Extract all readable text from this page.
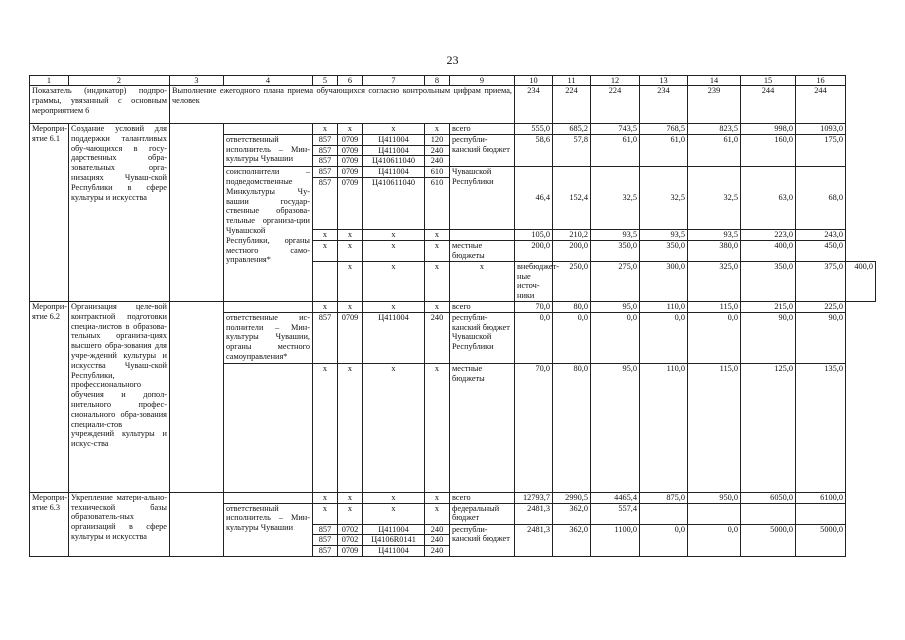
23
1	2	3	4	5	6	7	8	9	10	11	12	13	14	15	16	
Показатель (индикатор) подпро-граммы, увязанный с основным мероприятием 6		Выполнение ежегодного плана приема обучающихся согласно контрольным цифрам приема, человек							234	224	224	234	239	244	244	
Меропри-ятие 6.1	Создание условий для поддержки талантливых обу-чающихся в госу-дарственных обра-зовательных орга-низациях Чуваш-ской Республики в сфере культуры и искусства			x	x	x	x	всего	555,0	685,2	743,5	768,5	823,5	998,0	1093,0	
			ответственный исполнитель – Мин-культуры Чувашии	857	0709	Ц411004	120	республи-канский бюджет	58,6	57,8	61,0	61,0	61,0	160,0	175,0	
				857	0709	Ц411004	240									
				857	0709	Ц410611040	240									
			соисполнители – подведомственные Минкультуры Чу-вашии государ-ственные образова-тельные организа-ции Чувашской Республики, органы местного само-управления*	857	0709	Ц411004	610	Чувашской Республики	46,4	152,4	32,5	32,5	32,5	63,0	68,0	
				857	0709	Ц410611040	610									
				x	x	x	x		105,0	210,2	93,5	93,5	93,5	223,0	243,0	
				x	x	x	x	местные бюджеты	200,0	200,0	350,0	350,0	380,0	400,0	450,0	
					x	x	x	x	внебюджет-ные источ-ники	250,0	275,0	300,0	325,0	350,0	375,0	400,0
Меропри-ятие 6.2	Организация целе-вой контрактной подготовки специа-листов в образова-тельных организа-циях высшего обра-зования для учре-ждений культуры и искусства Чуваш-ской Республики, профессионального обучения и допол-нительного профес-сионального обра-зования специали-стов учреждений культуры и искус-ства			x	x	x	x	всего	70,0	80,0	95,0	110,0	115,0	215,0	225,0	
			ответственные ис-полнители – Мин-культуры Чувашии, органы местного самоуправления*	857	0709	Ц411004	240	республи-канский бюджет Чувашской Республики	0,0	0,0	0,0	0,0	0,0	90,0	90,0	
				x	x	x	x	местные бюджеты	70,0	80,0	95,0	110,0	115,0	125,0	135,0	
Меропри-ятие 6.3	Укрепление матери-ально-технической базы образователь-ных организаций в сфере культуры и искусства			x	x	x	x	всего	12793,7	2990,5	4465,4	875,0	950,0	6050,0	6100,0	
			ответственный исполнитель – Мин-культуры Чувашии	x	x	x	x	федеральный бюджет	2481,3	362,0	557,4					
				857	0702	Ц411004	240	республи-канский бюджет	2481,3	362,0	1100,0	0,0	0,0	5000,0	5000,0	
				857	0702	Ц4106R0141	240									
				857	0709	Ц411004	240									
